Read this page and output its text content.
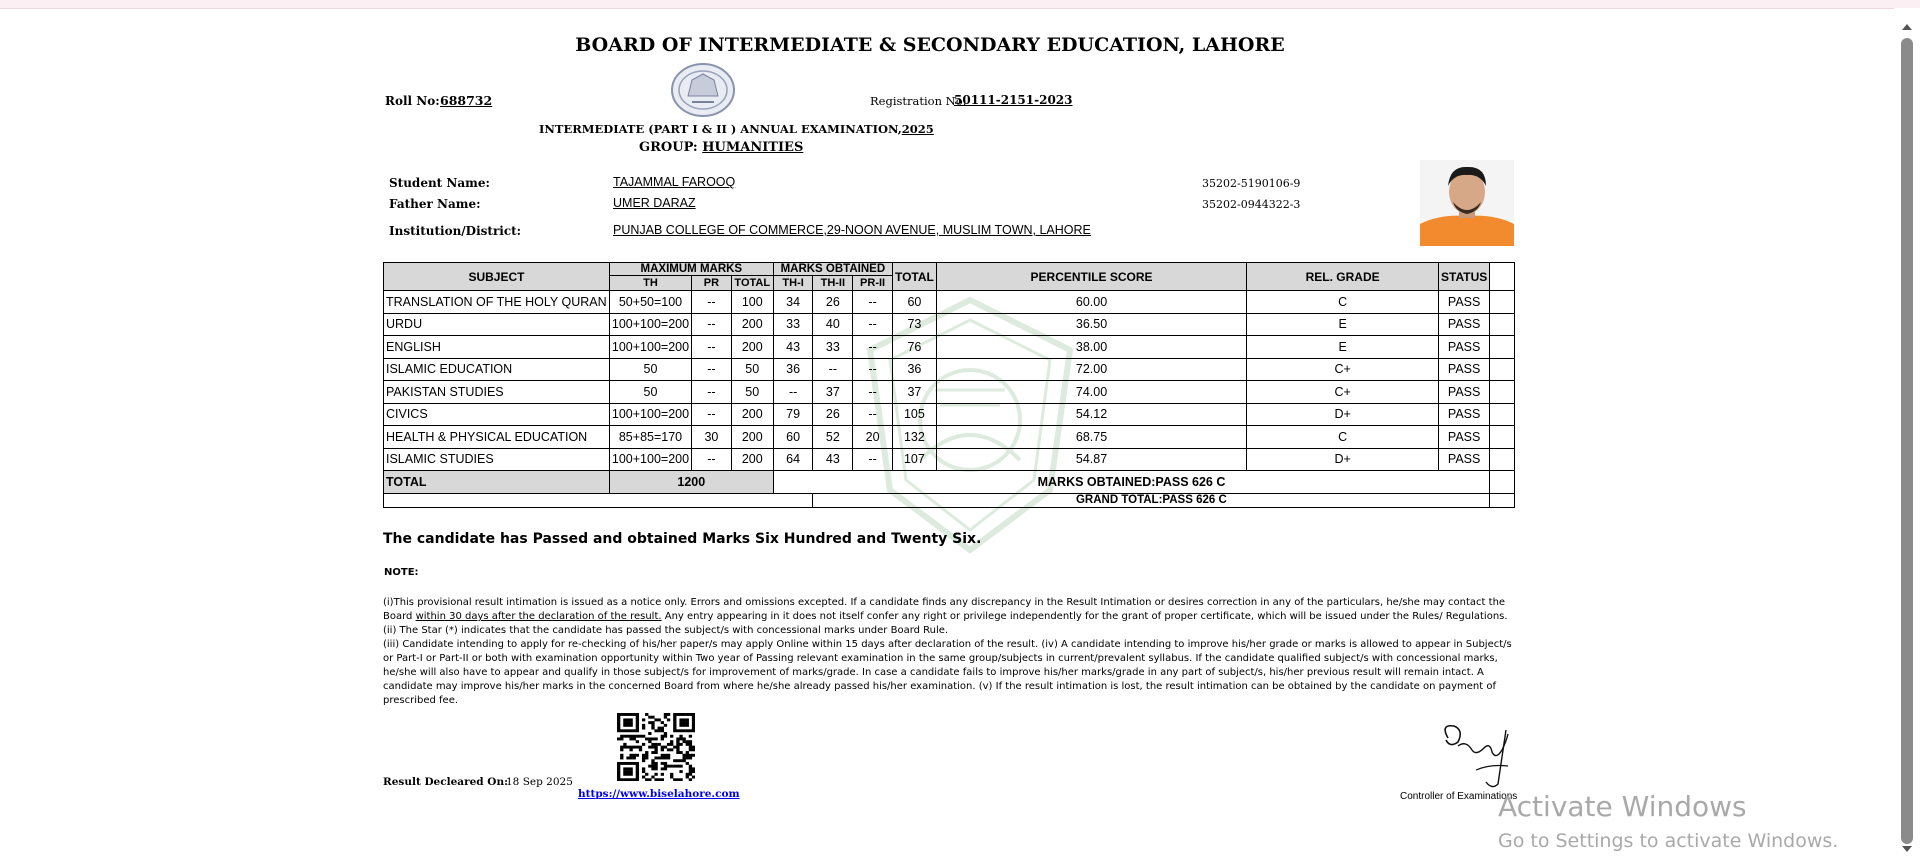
BOARD OF INTERMEDIATE & SECONDARY EDUCATION, LAHORE
Roll No: 688732	Registration No:
50111-2151-2023
INTERMEDIATE (PART I & II ) ANNUAL EXAMINATION,2025
GROUP: HUMANITIES
Student Name:	TAJAMMAL FAROOQ	35202-5190106-9
Father Name:	UMER DARAZ	35202-0944322-3
Institution/District:	PUNJAB COLLEGE OF COMMERCE,29-NOON AVENUE, MUSLIM TOWN, LAHORE
SUBJECT	MAXIMUM MARKS			MARKS OBTAINED			TOTAL	PERCENTILE SCORE	REL. GRADE	STATUS	
	TH	PR	TOTAL	TH-I	TH-II	PR-II					
TRANSLATION OF THE HOLY QURAN	50+50=100	--	100	34	26	--	60	60.00	C	PASS	
URDU	100+100=200	--	200	33	40	--	73	36.50	E	PASS	
ENGLISH	100+100=200	--	200	43	33	--	76	38.00	E	PASS	
ISLAMIC EDUCATION	50	--	50	36	--	--	36	72.00	C+	PASS	
PAKISTAN STUDIES	50	--	50	--	37	--	37	74.00	C+	PASS	
CIVICS	100+100=200	--	200	79	26	--	105	54.12	D+	PASS	
HEALTH & PHYSICAL EDUCATION	85+85=170	30	200	60	52	20	132	68.75	C	PASS	
ISLAMIC STUDIES	100+100=200	--	200	64	43	--	107	54.87	D+	PASS	
TOTAL	1200			MARKS OBTAINED:PASS 626 C							
					GRAND TOTAL:PASS 626 C						
The candidate has Passed and obtained Marks Six Hundred and Twenty Six.
NOTE:

(i)This provisional result intimation is issued as a notice only. Errors and omissions excepted. If a candidate finds any discrepancy in the Result Intimation or desires correction in any of the particulars, he/she may contact the Board within 30 days after the declaration of the result. Any entry appearing in it does not itself confer any right or privilege independently for the grant of proper certificate, which will be issued under the Rules/ Regulations.

(ii) The Star (*) indicates that the candidate has passed the subject/s with concessional marks under Board Rule.

(iii) Candidate intending to apply for re-checking of his/her paper/s may apply Online within 15 days after declaration of the result. (iv) A candidate intending to improve his/her grade or marks is allowed to appear in Subject/s or Part-I or Part-II or both with examination opportunity within Two year of Passing relevant examination in the same group/subjects in current/prevalent syllabus. If the candidate qualified subject/s with concessional marks, he/she will also have to appear and qualify in those subject/s for improvement of marks/grade. In case a candidate fails to improve his/her marks/grade in any part of subject/s, his/her previous result will remain intact. A candidate may improve his/her marks in the concerned Board from where he/she already passed his/her examination. (v) If the result intimation is lost, the result intimation can be obtained by the candidate on payment of prescribed fee.

https://www.biselahore.com
Result Decleared On:
18 Sep 2025
Controller of Examinations
Activate Windows
Go to Settings to activate Windows.
